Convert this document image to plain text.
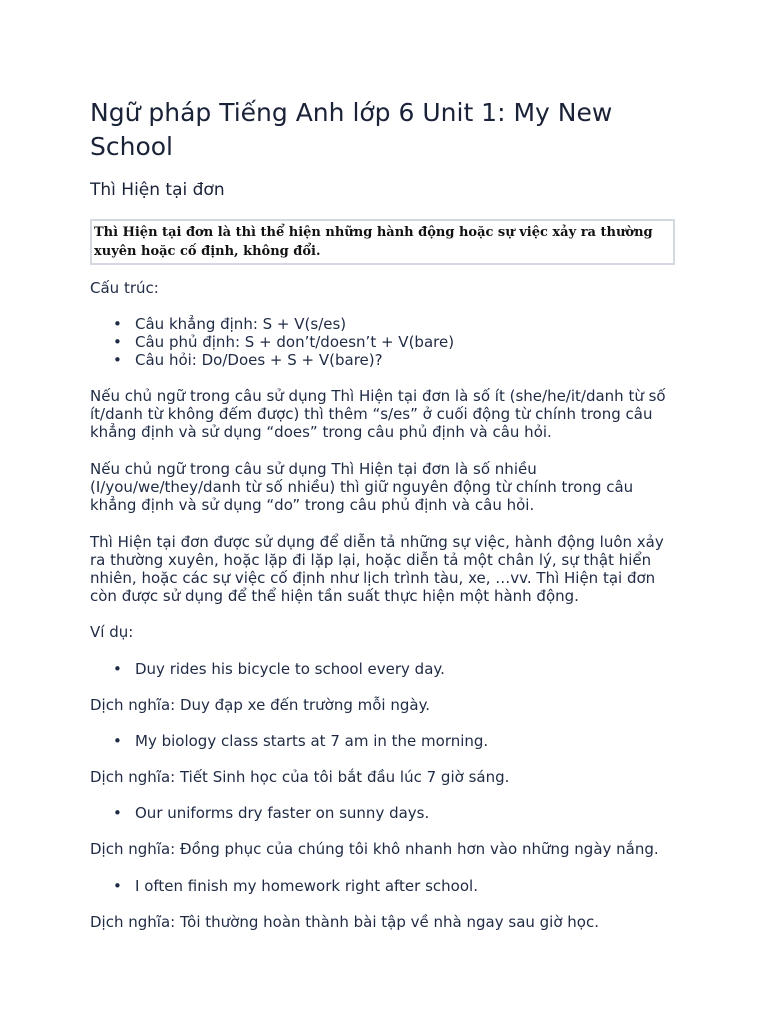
Ngữ pháp Tiếng Anh lớp 6 Unit 1: My New School
Thì Hiện tại đơn
Thì Hiện tại đơn là thì thể hiện những hành động hoặc sự việc xảy ra thường xuyên hoặc cố định, không đổi.

Cấu trúc:

• Câu khẳng định: S + V(s/es)
• Câu phủ định: S + don’t/doesn’t + V(bare)
• Câu hỏi: Do/Does + S + V(bare)?

Nếu chủ ngữ trong câu sử dụng Thì Hiện tại đơn là số ít (she/he/it/danh từ số ít/danh từ không đếm được) thì thêm “s/es” ở cuối động từ chính trong câu khẳng định và sử dụng “does” trong câu phủ định và câu hỏi.

Nếu chủ ngữ trong câu sử dụng Thì Hiện tại đơn là số nhiều (I/you/we/they/danh từ số nhiều) thì giữ nguyên động từ chính trong câu khẳng định và sử dụng “do” trong câu phủ định và câu hỏi.

Thì Hiện tại đơn được sử dụng để diễn tả những sự việc, hành động luôn xảy ra thường xuyên, hoặc lặp đi lặp lại, hoặc diễn tả một chân lý, sự thật hiển nhiên, hoặc các sự việc cố định như lịch trình tàu, xe, …vv. Thì Hiện tại đơn còn được sử dụng để thể hiện tần suất thực hiện một hành động.

Ví dụ:

• Duy rides his bicycle to school every day.

Dịch nghĩa: Duy đạp xe đến trường mỗi ngày.

• My biology class starts at 7 am in the morning.

Dịch nghĩa: Tiết Sinh học của tôi bắt đầu lúc 7 giờ sáng.

• Our uniforms dry faster on sunny days.

Dịch nghĩa: Đồng phục của chúng tôi khô nhanh hơn vào những ngày nắng.

• I often finish my homework right after school.

Dịch nghĩa: Tôi thường hoàn thành bài tập về nhà ngay sau giờ học.
